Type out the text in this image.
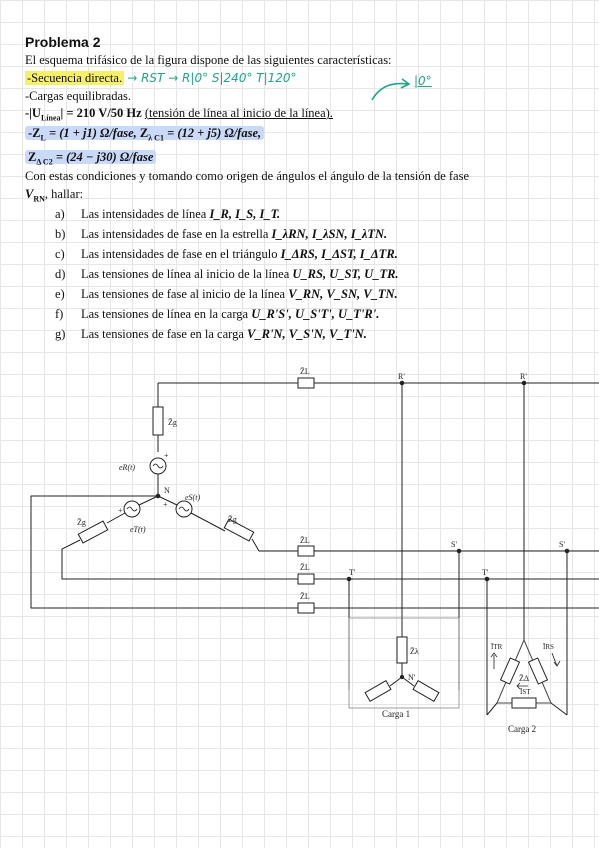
Problema 2
El esquema trifásico de la figura dispone de las siguientes características:
-Secuencia directa. → RST → R|0° S|240° T|120°	|0°
-Cargas equilibradas.
$-|U_{Línea}| = 210$ V/50 Hz (tensión de línea al inicio de la línea).
$-Z_L = (1 + j1)$ Ω/fase, $Z_{\lambda C1} = (12 + j5)$ Ω/fase,
$Z_{\Delta C2} = (24 - j30)$ Ω/fase
Con estas condiciones y tomando como origen de ángulos el ángulo de la tensión de fase
$V_{RN}$, hallar:
a) Las intensidades de línea I_R, I_S, I_T.
b) Las intensidades de fase en la estrella I_λRN, I_λSN, I_λTN.
c) Las intensidades de fase en el triángulo I_ΔRS, I_ΔST, I_ΔTR.
d) Las tensiones de línea al inicio de la línea U_RS, U_ST, U_TR.
e) Las tensiones de fase al inicio de la línea V_RN, V_SN, V_TN.
f) Las tensiones de línea en la carga U_R'S', U_S'T', U_T'R'.
g) Las tensiones de fase en la carga V_R'N, V_S'N, V_T'N.
Z̄L
Z̄g
eR(t)
+
N
eS(t)
Z̄g
Z̄L
eT(t)
+
+
Z̄g
Z̄L
Z̄L
R'	R'
S'	S'
T'	T'
Z̄λ
N'
Carga 1
Z̄Δ
ĪTR	ĪRS
ĪST
Carga 2
